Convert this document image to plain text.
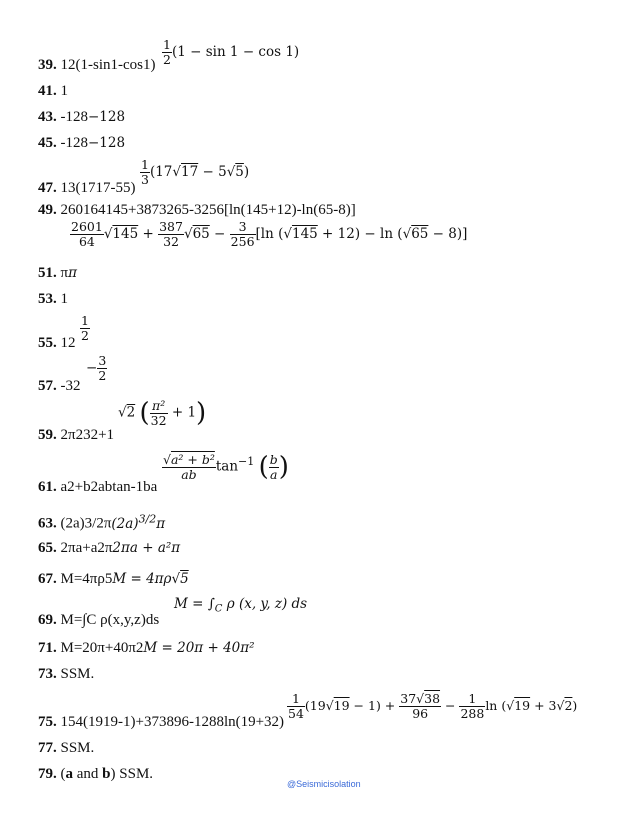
39. $12(1-\sin 1-\cos 1) \frac{1}{2} (1 - \sin 1 - \cos 1)$
41. 1
43. -128−128
45. -128−128
47. 13(1717-55)
$\frac{1}{3} (17√17 - 5√5)$
49. 260164145+3873265-3256[ln(145+12)-ln(65-8)]
$\frac{2601}{64} √145 + \frac{387}{32} √65 - \frac{3}{256} [\ln$ (√145 + 12) − ln (√65 − 8)]
51. ππ
53. 1
55. 12
$\frac{1}{2}$
57. -32
− $\frac{3}{2}$
59. 2π232+1
√2 ( $\frac{\text{π²}}{32} + 1$)
61. a2+b2abtan-1ba
$\frac{\text{√a² + b²}}{ab} \tan^{-1}$ ( $\frac{b}{a}$ )
63. $(2a)3/2\pi(2a)^{3/2}\pi$
65. 2πa+a2π2πa + a²π
67. M=4πρ5M = 4πρ√5
69. M=∫C ρ(x,y,z)ds
$M = \int_C$ ρ (x, y, z) ds
71. M=20π+40π2M = 20π + 40π²
73. SSM.
75. 154(1919-1)+373896-1288ln(19+32)
$\frac{1}{54} (19√19 - 1) + \frac{37√38}{96} - \frac{1}{288}$ ln (√19 + 3√2)
77. SSM.
79. (a and b) SSM.
@Seismicisolation
